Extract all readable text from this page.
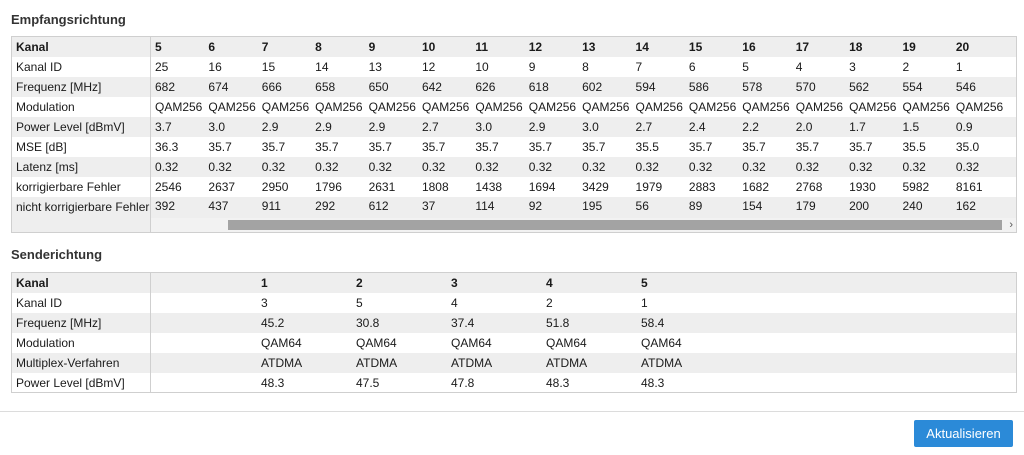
Empfangsrichtung
Kanal	5	6	7	8	9	10	11	12	13	14	15	16	17	18	19	20
Kanal ID	25	16	15	14	13	12	10	9	8	7	6	5	4	3	2	1
Frequenz [MHz]	682	674	666	658	650	642	626	618	602	594	586	578	570	562	554	546
Modulation	QAM256 QAM256 QAM256 QAM256 QAM256 QAM256 QAM256 QAM256 QAM256 QAM256 QAM256 QAM256 QAM256 QAM256 QAM256 QAM256
Power Level [dBmV]	3.7	3.0	2.9	2.9	2.9	2.7	3.0	2.9	3.0	2.7	2.4	2.2	2.0	1.7	1.5	0.9
MSE [dB]	36.3	35.7	35.7	35.7	35.7	35.7	35.7	35.7	35.7	35.5	35.7	35.7	35.7	35.7	35.5	35.0
Latenz [ms]	0.32	0.32	0.32	0.32	0.32	0.32	0.32	0.32	0.32	0.32	0.32	0.32	0.32	0.32	0.32	0.32
korrigierbare Fehler	2546	2637	2950	1796	2631	1808	1438	1694	3429	1979	2883	1682	2768	1930	5982	8161
nicht korrigierbare Fehler 392	437	911	292	612	37	114	92	195	56	89	154	179	200	240	162
›
Senderichtung
Kanal	1	2	3	4	5
Kanal ID	3	5	4	2	1
Frequenz [MHz]	45.2	30.8	37.4	51.8	58.4
Modulation	QAM64	QAM64	QAM64	QAM64	QAM64
Multiplex-Verfahren	ATDMA	ATDMA	ATDMA	ATDMA	ATDMA
Power Level [dBmV]	48.3	47.5	47.8	48.3	48.3
Aktualisieren
